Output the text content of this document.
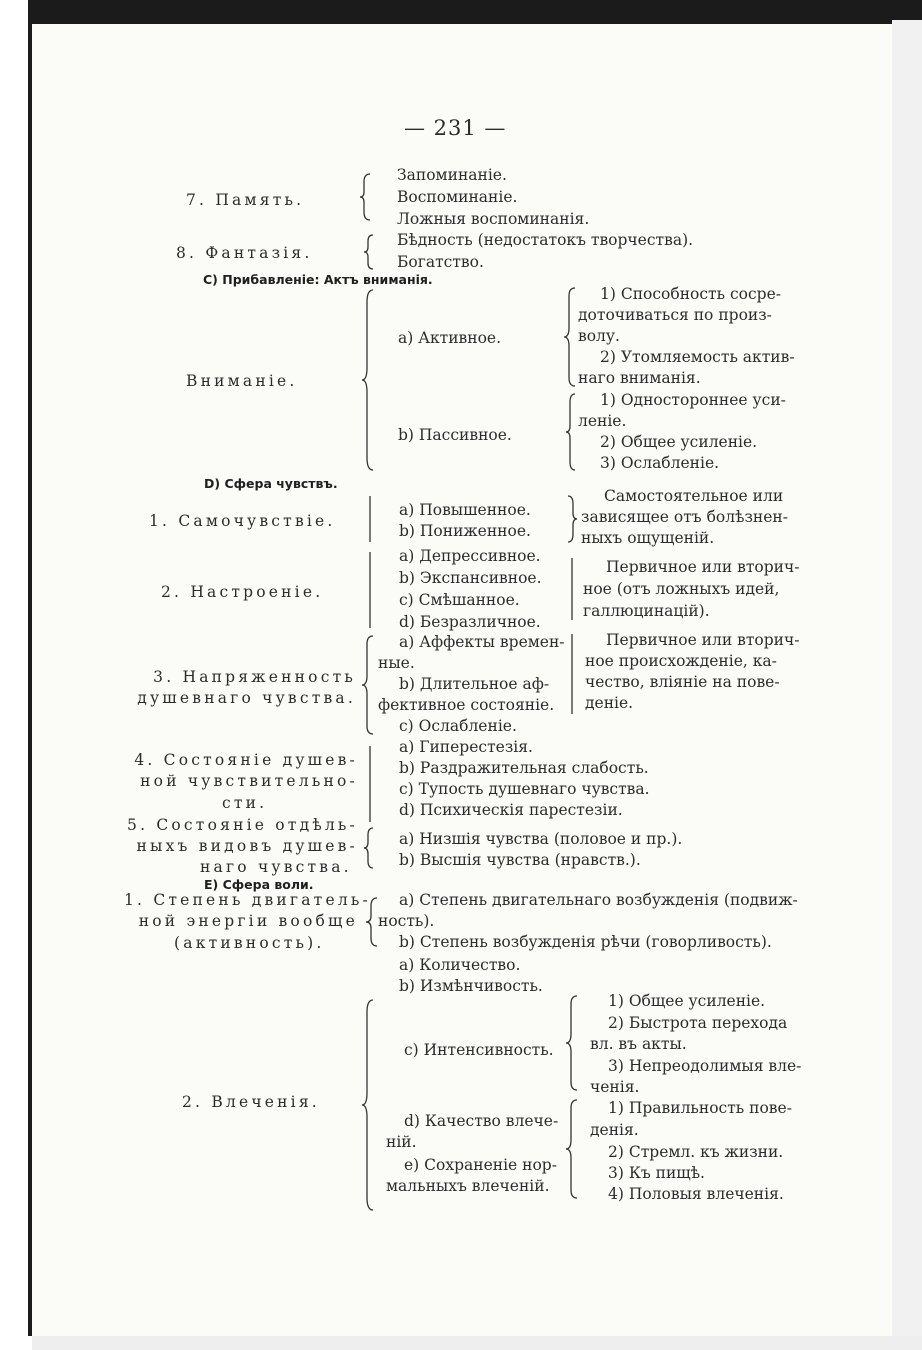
— 231 —
7. Память.
Запоминаніе.
Воспоминаніе.
Ложныя воспоминанія.
8. Фантазія.
Бѣдность (недостатокъ творчества).
Богатство.
С) Прибавленіе: Актъ вниманія.
Вниманіе.
a) Активное.
b) Пассивное.
1) Способность сосре-
доточиваться по произ-
волу.
2) Утомляемость актив-
наго вниманія.
1) Одностороннее уси-
леніе.
2) Общее усиленіе.
3) Ослабленіе.
D) Сфера чувствъ.
1. Самочувствіе.
a) Повышенное.
b) Пониженное.
Самостоятельное или
зависящее отъ болѣзнен-
ныхъ ощущеній.
2. Настроеніе.
a) Депрессивное.
b) Экспансивное.
c) Смѣшанное.
d) Безразличное.
Первичное или вторич-
ное (отъ ложныхъ идей,
галлюцинацій).
3. Напряженность
душевнаго чувства.
a) Аффекты времен-
ные.
b) Длительное аф-
фективное состояніе.
c) Ослабленіе.
Первичное или вторич-
ное происхожденіе, ка-
чество, вліяніе на пове-
деніе.
4. Состояніе душев-
ной чувствительно-
сти.
a) Гиперестезія.
b) Раздражительная слабость.
c) Тупость душевнаго чувства.
d) Психическія парестезіи.
5. Состояніе отдѣль-
ныхъ видовъ душев-
наго чувства.
a) Низшія чувства (половое и пр.).
b) Высшія чувства (нравств.).
Е) Сфера воли.
1. Степень двигатель-
ной энергіи вообще
(активность).
a) Степень двигательнаго возбужденія (подвиж-
ность).
b) Степень возбужденія рѣчи (говорливость).
2. Влеченія.
a) Количество.
b) Измѣнчивость.
c) Интенсивность.
1) Общее усиленіе.
2) Быстрота перехода
вл. въ акты.
3) Непреодолимыя вле-
ченія.
d) Качество влече-
ній.
e) Сохраненіе нор-
мальныхъ влеченій.
1) Правильность пове-
денія.
2) Стремл. къ жизни.
3) Къ пищѣ.
4) Половыя влеченія.
